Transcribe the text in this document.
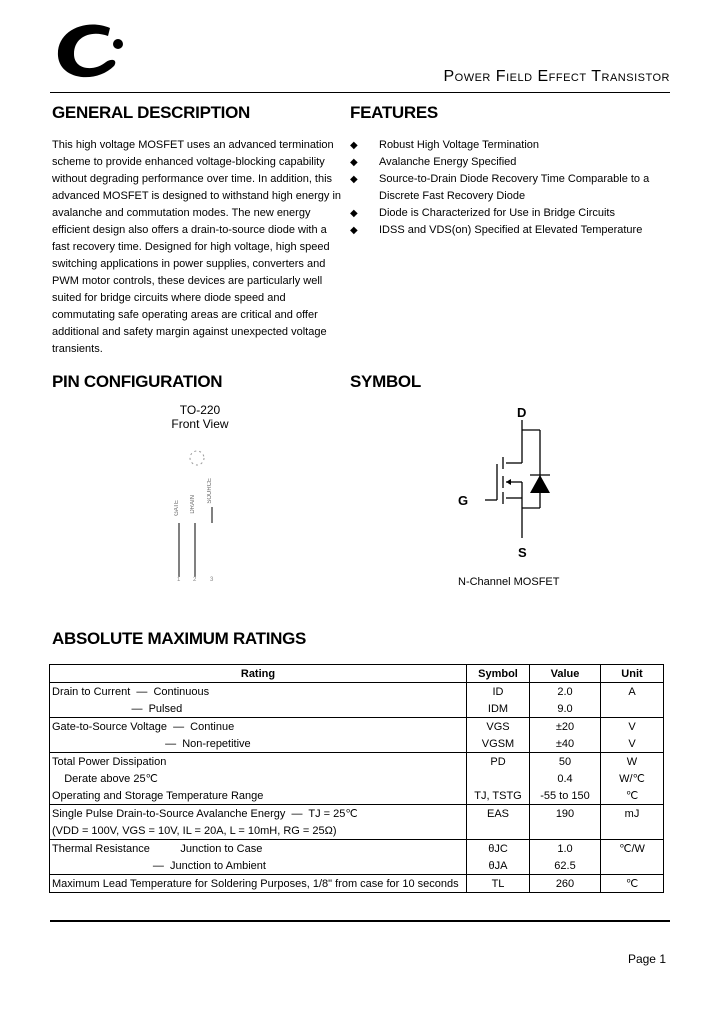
Power Field Effect Transistor
GENERAL DESCRIPTION
This high voltage MOSFET uses an advanced termination scheme to provide enhanced voltage-blocking capability without degrading performance over time. In addition, this advanced MOSFET is designed to withstand high energy in avalanche and commutation modes. The new energy efficient design also offers a drain-to-source diode with a fast recovery time. Designed for high voltage, high speed switching applications in power supplies, converters and PWM motor controls, these devices are particularly well suited for bridge circuits where diode speed and commutating safe operating areas are critical and offer additional and safety margin against unexpected voltage transients.
FEATURES
◆ Robust High Voltage Termination
◆ Avalanche Energy Specified
◆ Source-to-Drain Diode Recovery Time Comparable to a Discrete Fast Recovery Diode
◆ Diode is Characterized for Use in Bridge Circuits
◆ IDSS and VDS(on) Specified at Elevated Temperature
PIN CONFIGURATION
TO-220
Front View
GATE DRAIN
SOURCE
1 2 3
SYMBOL
D
G
S
N-Channel MOSFET
ABSOLUTE MAXIMUM RATINGS
Rating	Symbol	Value	Unit
Drain to Current  —  Continuous	ID	2.0	A
—  Pulsed	IDM	9.0	
Gate-to-Source Voltage  —  Continue	VGS	±20	V
—  Non-repetitive	VGSM	±40	V
Total Power Dissipation	PD	50	W
Derate above 25℃		0.4	W/℃
Operating and Storage Temperature Range	TJ, TSTG	-55 to 150	℃
Single Pulse Drain-to-Source Avalanche Energy  —  TJ = 25℃	EAS	190	mJ
(VDD = 100V, VGS = 10V, IL = 20A, L = 10mH, RG = 25Ω)			
Thermal Resistance          Junction to Case	θJC	1.0	℃/W
—  Junction to Ambient	θJA	62.5	
Maximum Lead Temperature for Soldering Purposes, 1/8" from case for 10 seconds	TL	260	℃
Page 1
